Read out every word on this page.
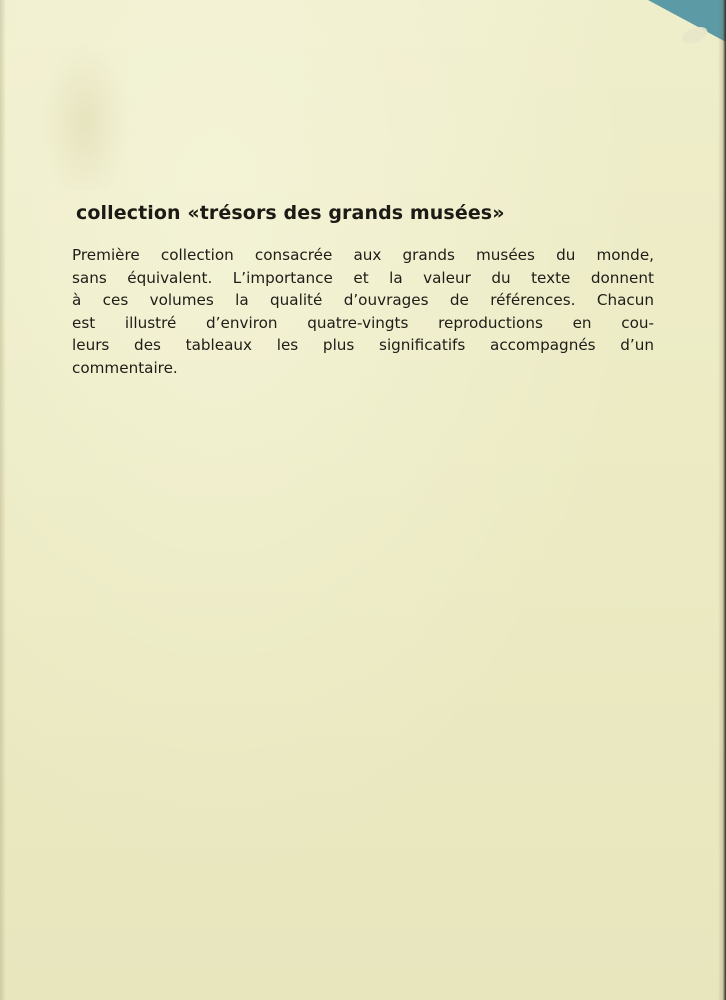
collection «trésors des grands musées»

Première collection consacrée aux grands musées du monde,
sans équivalent. L’importance et la valeur du texte donnent
à ces volumes la qualité d’ouvrages de références. Chacun
est illustré d’environ quatre-vingts reproductions en cou-
leurs des tableaux les plus significatifs accompagnés d’un
commentaire.
